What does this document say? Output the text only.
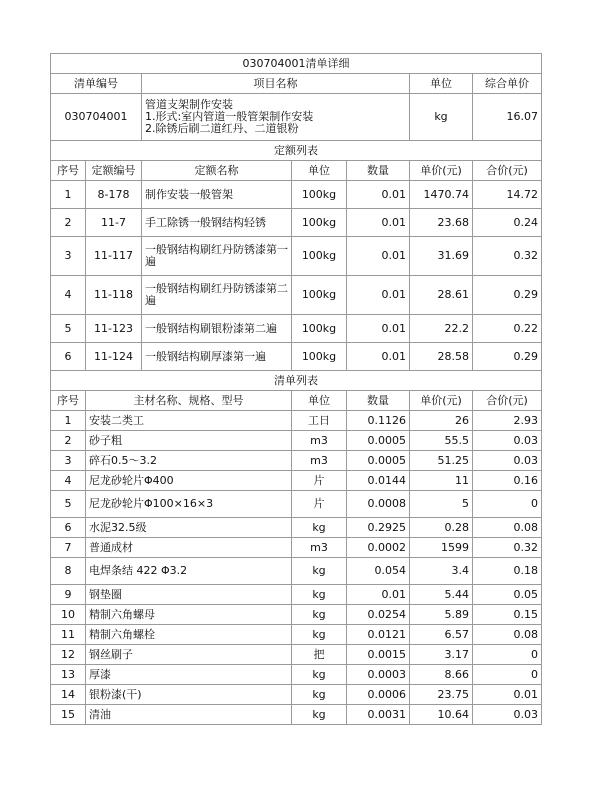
030704001清单详细						
清单编号		项目名称			单位	综合单价
030704001		管道支架制作安装
1.形式:室内管道一般管架制作安装
2.除锈后刷二道红丹、二道银粉			kg	16.07
定额列表						
序号	定额编号	定额名称	单位	数量	单价(元)	合价(元)
1	8-178	制作安装一般管架	100kg	0.01	1470.74	14.72
2	11-7	手工除锈一般钢结构轻锈	100kg	0.01	23.68	0.24
3	11-117	一般钢结构刷红丹防锈漆第一遍	100kg	0.01	31.69	0.32
4	11-118	一般钢结构刷红丹防锈漆第二遍	100kg	0.01	28.61	0.29
5	11-123	一般钢结构刷银粉漆第二遍	100kg	0.01	22.2	0.22
6	11-124	一般钢结构刷厚漆第一遍	100kg	0.01	28.58	0.29
清单列表						
序号	主材名称、规格、型号		单位	数量	单价(元)	合价(元)
1	安装二类工		工日	0.1126	26	2.93
2	砂子粗		m3	0.0005	55.5	0.03
3	碎石0.5～3.2		m3	0.0005	51.25	0.03
4	尼龙砂轮片Φ400		片	0.0144	11	0.16
5	尼龙砂轮片Φ100×16×3		片	0.0008	5	0
6	水泥32.5级		kg	0.2925	0.28	0.08
7	普通成材		m3	0.0002	1599	0.32
8	电焊条结 422 Φ3.2		kg	0.054	3.4	0.18
9	钢垫圈		kg	0.01	5.44	0.05
10	精制六角螺母		kg	0.0254	5.89	0.15
11	精制六角螺栓		kg	0.0121	6.57	0.08
12	钢丝刷子		把	0.0015	3.17	0
13	厚漆		kg	0.0003	8.66	0
14	银粉漆(干)		kg	0.0006	23.75	0.01
15	清油		kg	0.0031	10.64	0.03
